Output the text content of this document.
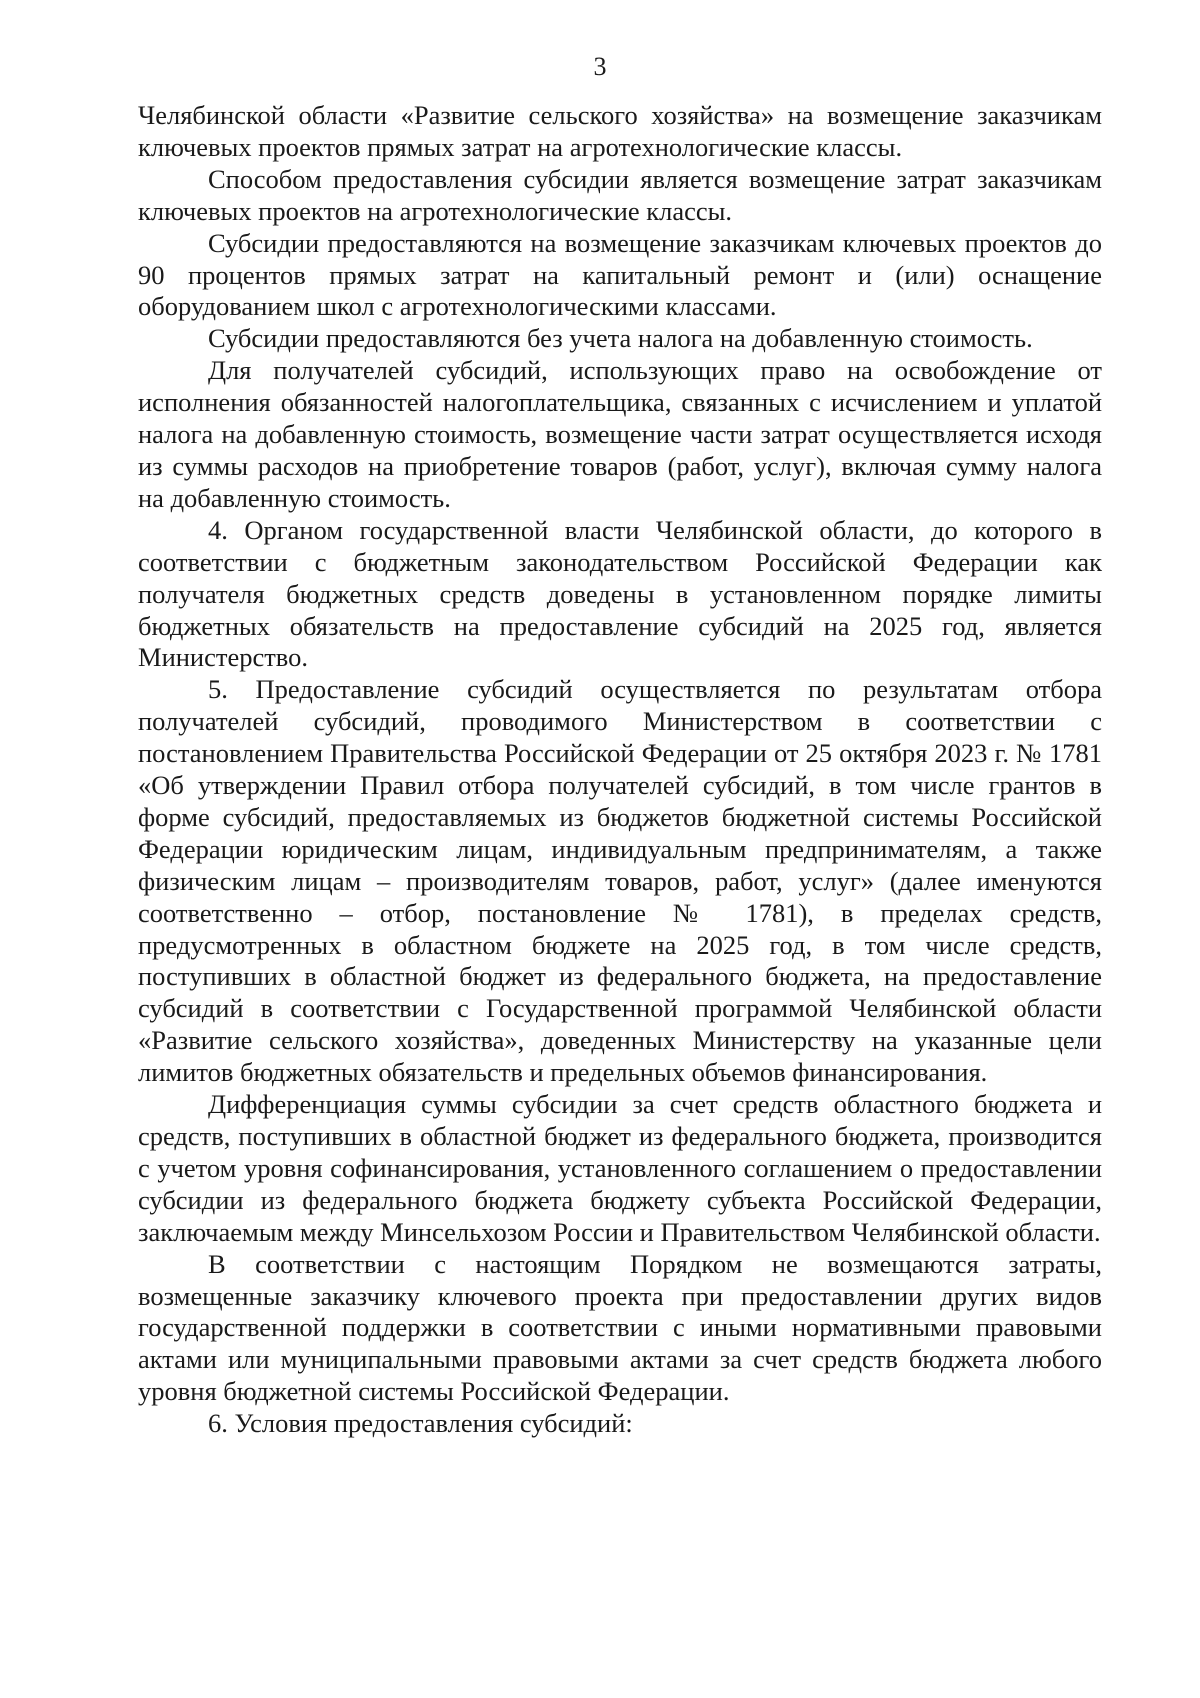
3

Челябинской области «Развитие сельского хозяйства» на возмещение заказчикам ключевых проектов прямых затрат на агротехнологические классы.

Способом предоставления субсидии является возмещение затрат заказчикам ключевых проектов на агротехнологические классы.

Субсидии предоставляются на возмещение заказчикам ключевых проектов до 90 процентов прямых затрат на капитальный ремонт и (или) оснащение оборудованием школ с агротехнологическими классами.

Субсидии предоставляются без учета налога на добавленную стоимость.

Для получателей субсидий, использующих право на освобождение от исполнения обязанностей налогоплательщика, связанных с исчислением и уплатой налога на добавленную стоимость, возмещение части затрат осуществляется исходя из суммы расходов на приобретение товаров (работ, услуг), включая сумму налога на добавленную стоимость.

4. Органом государственной власти Челябинской области, до которого в соответствии с бюджетным законодательством Российской Федерации как получателя бюджетных средств доведены в установленном порядке лимиты бюджетных обязательств на предоставление субсидий на 2025 год, является Министерство.

5. Предоставление субсидий осуществляется по результатам отбора получателей субсидий, проводимого Министерством в соответствии с постановлением Правительства Российской Федерации от 25 октября 2023 г. № 1781 «Об утверждении Правил отбора получателей субсидий, в том числе грантов в форме субсидий, предоставляемых из бюджетов бюджетной системы Российской Федерации юридическим лицам, индивидуальным предпринимателям, а также физическим лицам – производителям товаров, работ, услуг» (далее именуются соответственно – отбор, постановление № 1781), в пределах средств, предусмотренных в областном бюджете на 2025 год, в том числе средств, поступивших в областной бюджет из федерального бюджета, на предоставление субсидий в соответствии с Государственной программой Челябинской области «Развитие сельского хозяйства», доведенных Министерству на указанные цели лимитов бюджетных обязательств и предельных объемов финансирования.

Дифференциация суммы субсидии за счет средств областного бюджета и средств, поступивших в областной бюджет из федерального бюджета, производится с учетом уровня софинансирования, установленного соглашением о предоставлении субсидии из федерального бюджета бюджету субъекта Российской Федерации, заключаемым между Минсельхозом России и Правительством Челябинской области.

В соответствии с настоящим Порядком не возмещаются затраты, возмещенные заказчику ключевого проекта при предоставлении других видов государственной поддержки в соответствии с иными нормативными правовыми актами или муниципальными правовыми актами за счет средств бюджета любого уровня бюджетной системы Российской Федерации.

6. Условия предоставления субсидий:
